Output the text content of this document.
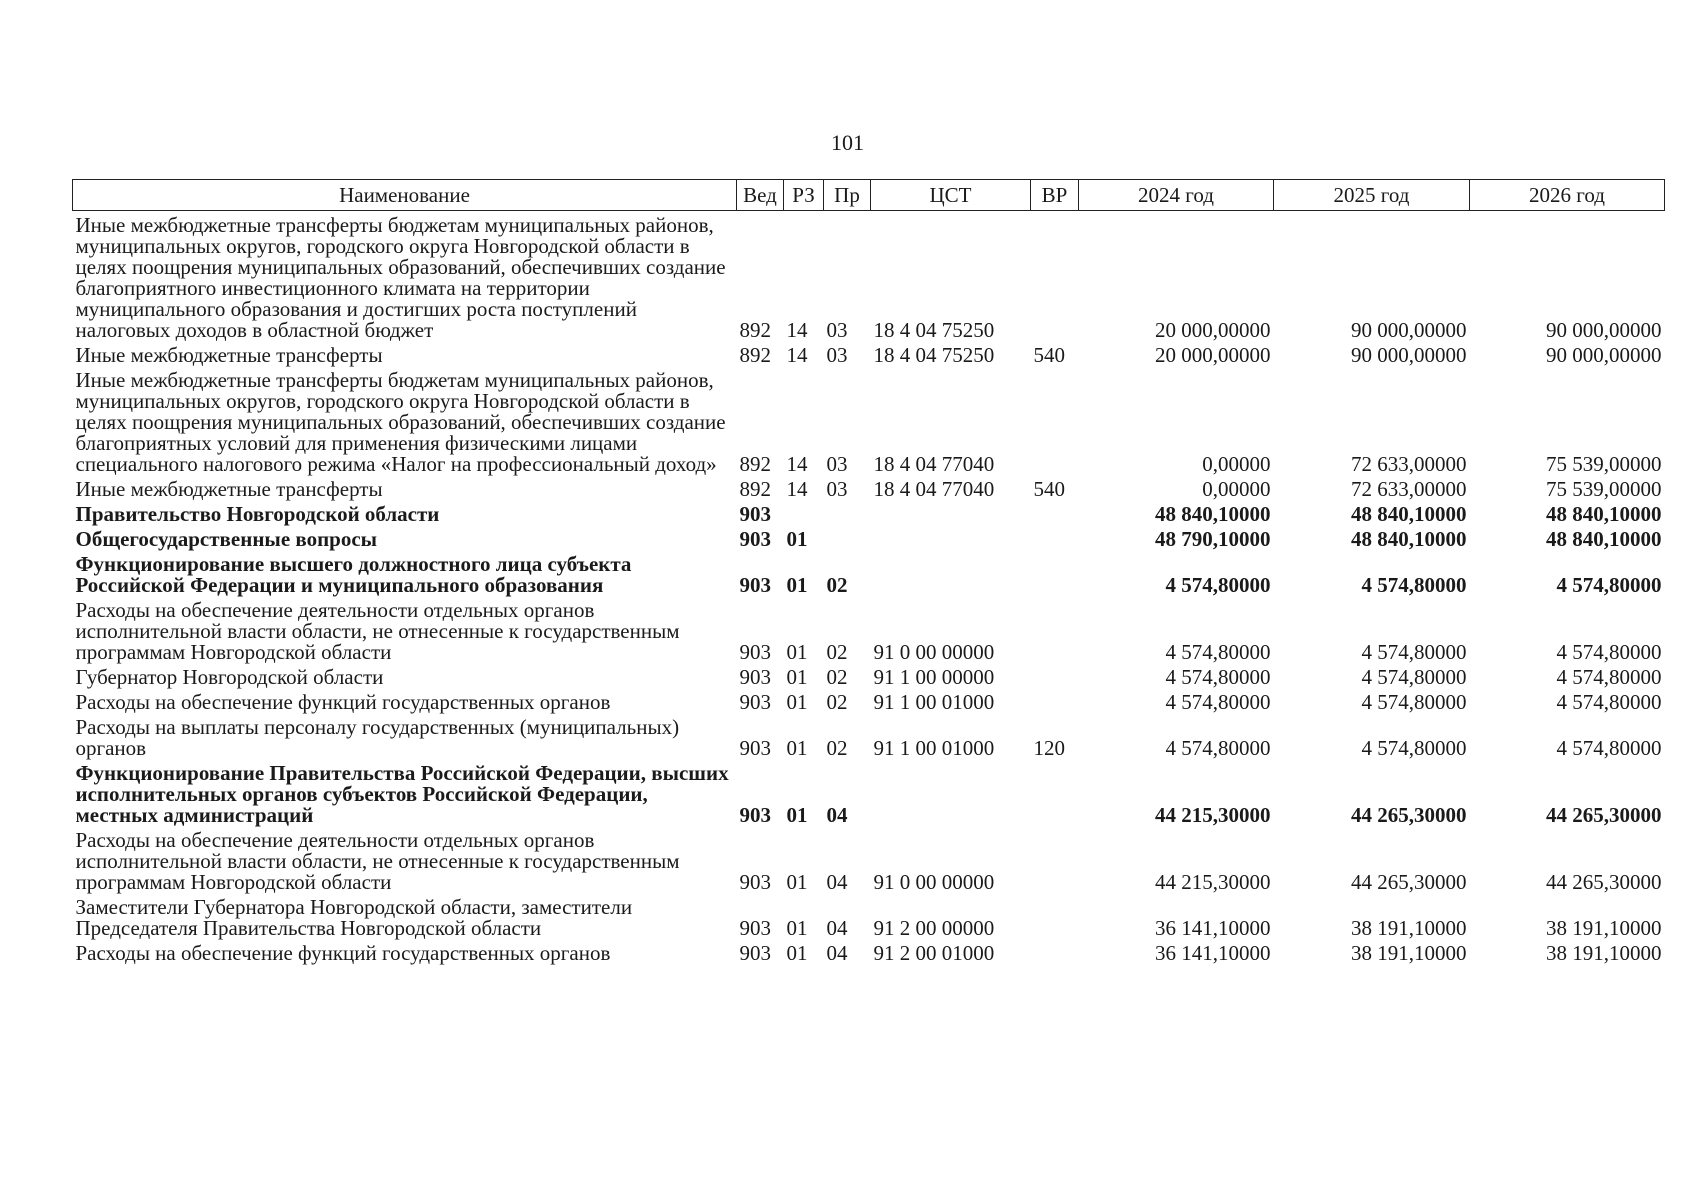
101
Наименование	Вед	РЗ	Пр	ЦСТ	ВР	2024 год	2025 год	2026 год
Иные межбюджетные трансферты бюджетам муниципальных районов, муниципальных округов, городского округа Новгородской области в целях поощрения муниципальных образований, обеспечивших создание благоприятного инвестиционного климата на территории муниципального образования и достигших роста поступлений налоговых доходов в областной бюджет	892	14	03	18 4 04 75250		20 000,00000	90 000,00000	90 000,00000
Иные межбюджетные трансферты	892	14	03	18 4 04 75250	540	20 000,00000	90 000,00000	90 000,00000
Иные межбюджетные трансферты бюджетам муниципальных районов, муниципальных округов, городского округа Новгородской области в целях поощрения муниципальных образований, обеспечивших создание благоприятных условий для применения физическими лицами специального налогового режима «Налог на профессиональный доход»	892	14	03	18 4 04 77040		0,00000	72 633,00000	75 539,00000
Иные межбюджетные трансферты	892	14	03	18 4 04 77040	540	0,00000	72 633,00000	75 539,00000
Правительство Новгородской области	903					48 840,10000	48 840,10000	48 840,10000
Общегосударственные вопросы	903	01				48 790,10000	48 840,10000	48 840,10000
Функционирование высшего должностного лица субъекта Российской Федерации и муниципального образования	903	01	02			4 574,80000	4 574,80000	4 574,80000
Расходы на обеспечение деятельности отдельных органов исполнительной власти области, не отнесенные к государственным программам Новгородской области	903	01	02	91 0 00 00000		4 574,80000	4 574,80000	4 574,80000
Губернатор Новгородской области	903	01	02	91 1 00 00000		4 574,80000	4 574,80000	4 574,80000
Расходы на обеспечение функций государственных органов	903	01	02	91 1 00 01000		4 574,80000	4 574,80000	4 574,80000
Расходы на выплаты персоналу государственных (муниципальных) органов	903	01	02	91 1 00 01000	120	4 574,80000	4 574,80000	4 574,80000
Функционирование Правительства Российской Федерации, высших исполнительных органов субъектов Российской Федерации, местных администраций	903	01	04			44 215,30000	44 265,30000	44 265,30000
Расходы на обеспечение деятельности отдельных органов исполнительной власти области, не отнесенные к государственным программам Новгородской области	903	01	04	91 0 00 00000		44 215,30000	44 265,30000	44 265,30000
Заместители Губернатора Новгородской области, заместители Председателя Правительства Новгородской области	903	01	04	91 2 00 00000		36 141,10000	38 191,10000	38 191,10000
Расходы на обеспечение функций государственных органов	903	01	04	91 2 00 01000		36 141,10000	38 191,10000	38 191,10000
